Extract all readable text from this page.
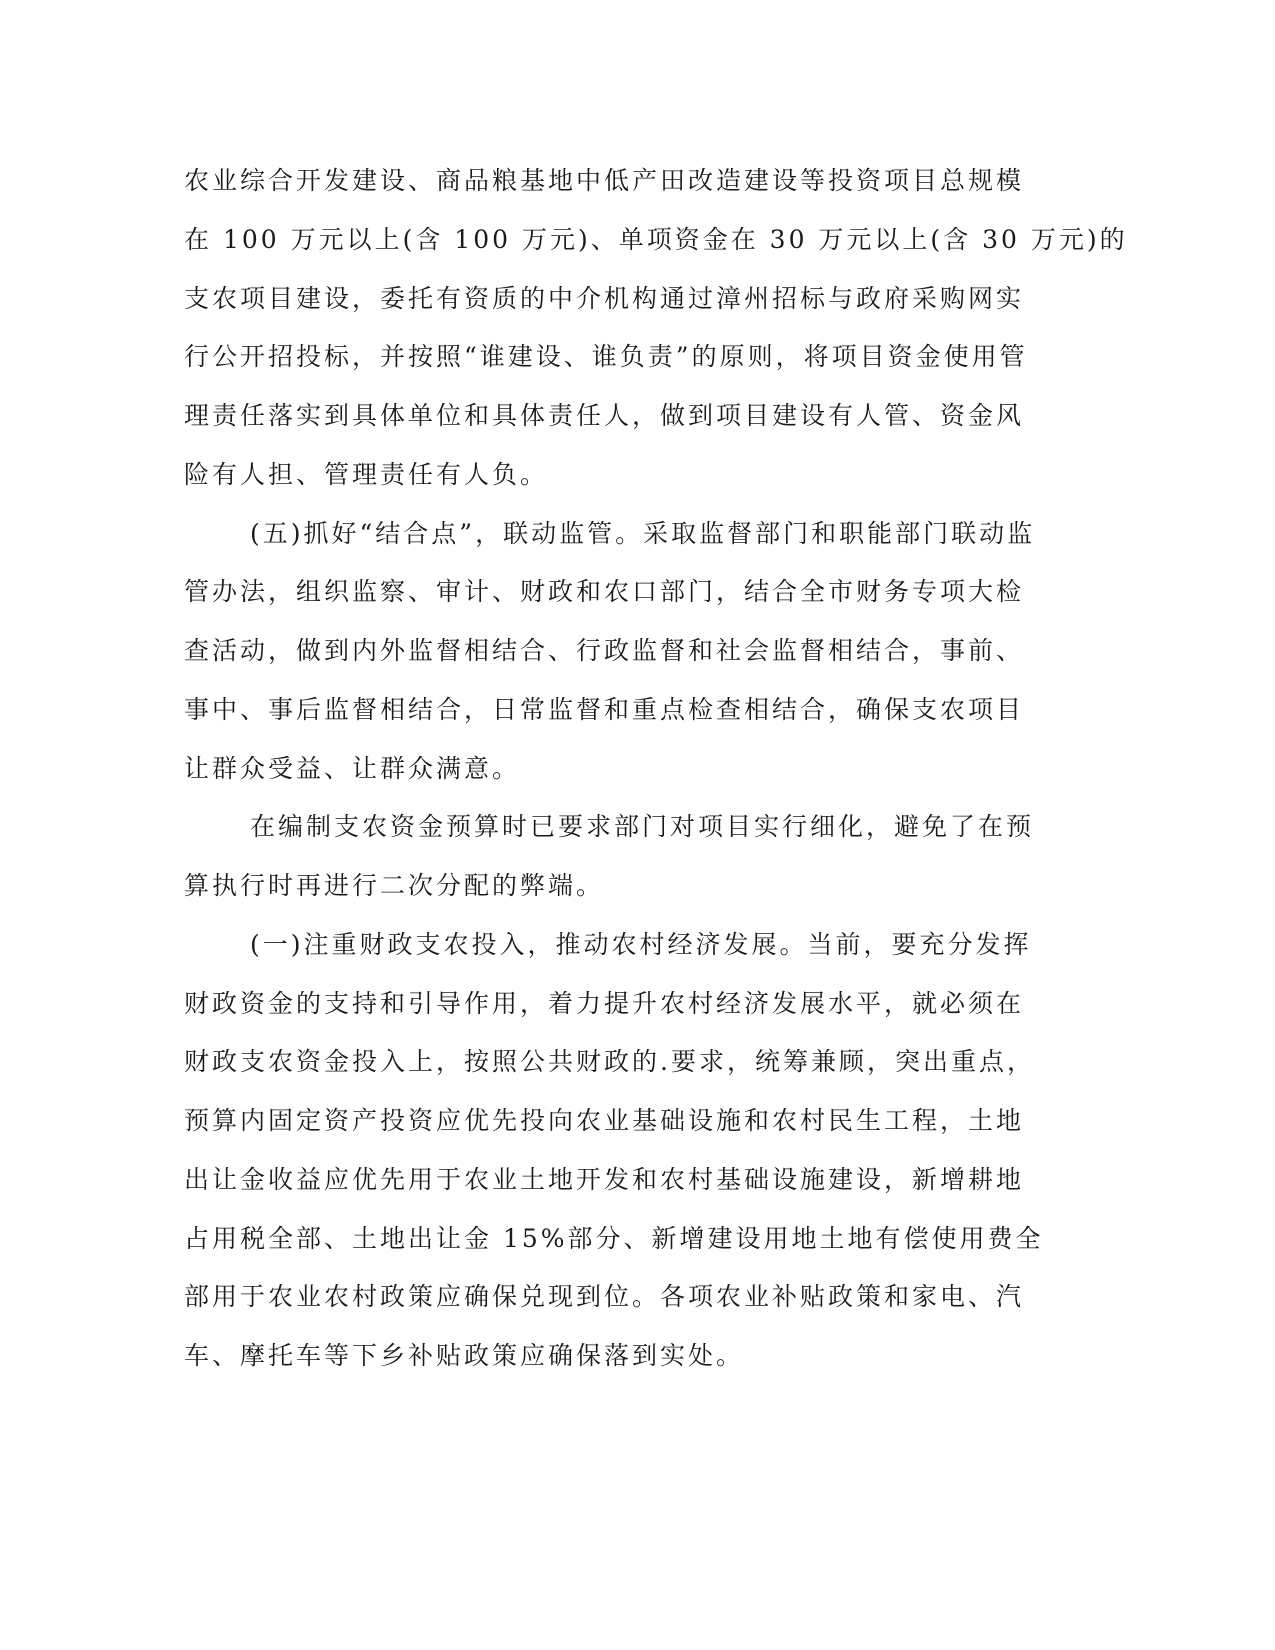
农业综合开发建设、商品粮基地中低产田改造建设等投资项目总规模
在 100 万元以上(含 100 万元)、单项资金在 30 万元以上(含 30 万元)的
支农项目建设，委托有资质的中介机构通过漳州招标与政府采购网实
行公开招投标，并按照“谁建设、谁负责”的原则，将项目资金使用管
理责任落实到具体单位和具体责任人，做到项目建设有人管、资金风
险有人担、管理责任有人负。
(五)抓好“结合点”，联动监管。采取监督部门和职能部门联动监
管办法，组织监察、审计、财政和农口部门，结合全市财务专项大检
查活动，做到内外监督相结合、行政监督和社会监督相结合，事前、
事中、事后监督相结合，日常监督和重点检查相结合，确保支农项目
让群众受益、让群众满意。
在编制支农资金预算时已要求部门对项目实行细化，避免了在预
算执行时再进行二次分配的弊端。
(一)注重财政支农投入，推动农村经济发展。当前，要充分发挥
财政资金的支持和引导作用，着力提升农村经济发展水平，就必须在
财政支农资金投入上，按照公共财政的.要求，统筹兼顾，突出重点，
预算内固定资产投资应优先投向农业基础设施和农村民生工程，土地
出让金收益应优先用于农业土地开发和农村基础设施建设，新增耕地
占用税全部、土地出让金 15%部分、新增建设用地土地有偿使用费全
部用于农业农村政策应确保兑现到位。各项农业补贴政策和家电、汽
车、摩托车等下乡补贴政策应确保落到实处。
